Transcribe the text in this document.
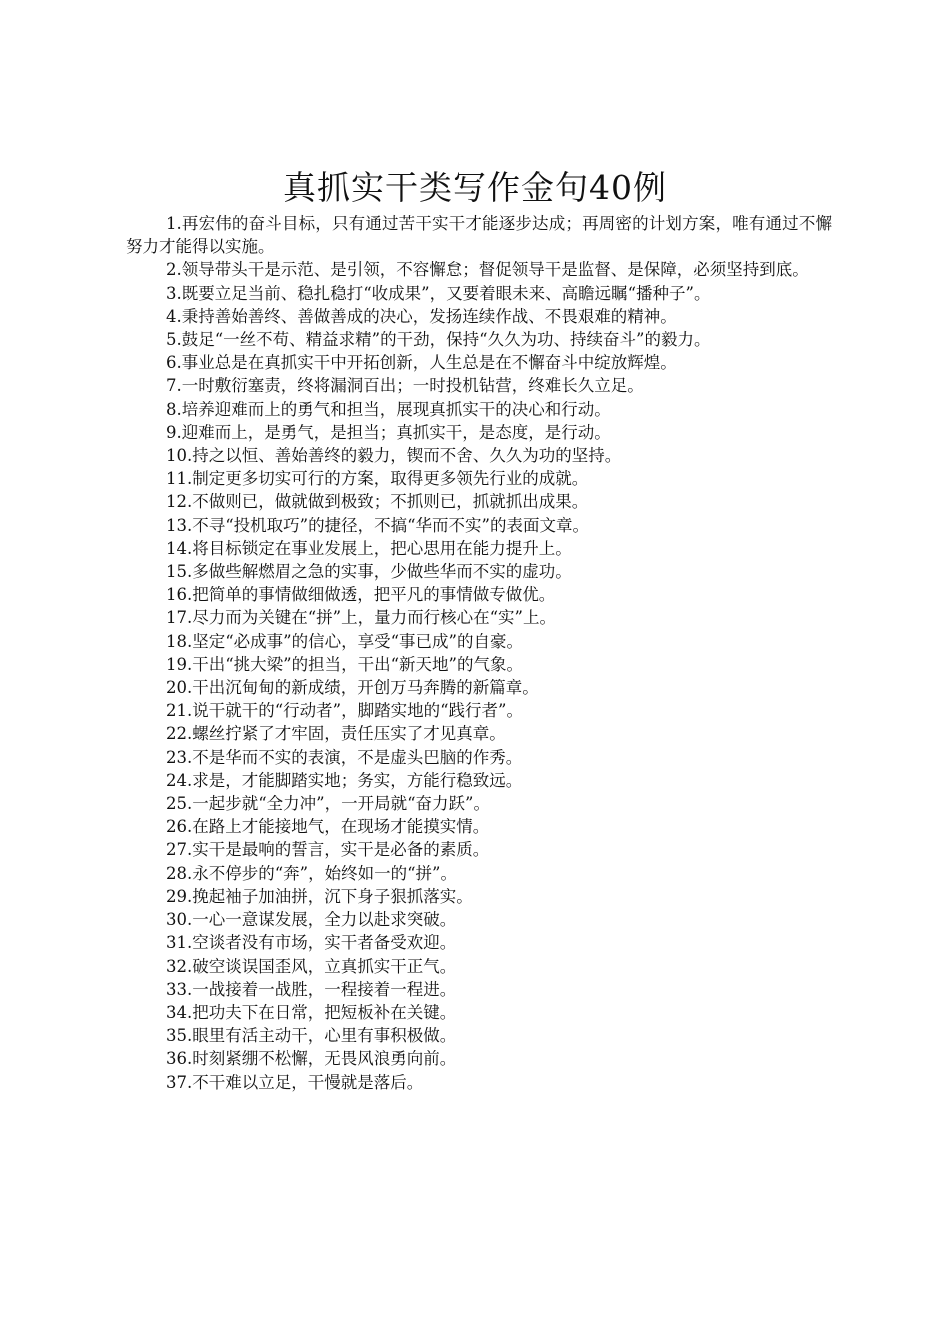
真抓实干类写作金句40例
1.再宏伟的奋斗目标，只有通过苦干实干才能逐步达成；再周密的计划方案，唯有通过不懈努力才能得以实施。
2.领导带头干是示范、是引领，不容懈怠；督促领导干是监督、是保障，必须坚持到底。
3.既要立足当前、稳扎稳打“收成果”，又要着眼未来、高瞻远瞩“播种子”。
4.秉持善始善终、善做善成的决心，发扬连续作战、不畏艰难的精神。
5.鼓足“一丝不苟、精益求精”的干劲，保持“久久为功、持续奋斗”的毅力。
6.事业总是在真抓实干中开拓创新，人生总是在不懈奋斗中绽放辉煌。
7.一时敷衍塞责，终将漏洞百出；一时投机钻营，终难长久立足。
8.培养迎难而上的勇气和担当，展现真抓实干的决心和行动。
9.迎难而上，是勇气，是担当；真抓实干，是态度，是行动。
10.持之以恒、善始善终的毅力，锲而不舍、久久为功的坚持。
11.制定更多切实可行的方案，取得更多领先行业的成就。
12.不做则已，做就做到极致；不抓则已，抓就抓出成果。
13.不寻“投机取巧”的捷径，不搞“华而不实”的表面文章。
14.将目标锁定在事业发展上，把心思用在能力提升上。
15.多做些解燃眉之急的实事，少做些华而不实的虚功。
16.把简单的事情做细做透，把平凡的事情做专做优。
17.尽力而为关键在“拼”上，量力而行核心在“实”上。
18.坚定“必成事”的信心，享受“事已成”的自豪。
19.干出“挑大梁”的担当，干出“新天地”的气象。
20.干出沉甸甸的新成绩，开创万马奔腾的新篇章。
21.说干就干的“行动者”，脚踏实地的“践行者”。
22.螺丝拧紧了才牢固，责任压实了才见真章。
23.不是华而不实的表演，不是虚头巴脑的作秀。
24.求是，才能脚踏实地；务实，方能行稳致远。
25.一起步就“全力冲”，一开局就“奋力跃”。
26.在路上才能接地气，在现场才能摸实情。
27.实干是最响的誓言，实干是必备的素质。
28.永不停步的“奔”，始终如一的“拼”。
29.挽起袖子加油拼，沉下身子狠抓落实。
30.一心一意谋发展，全力以赴求突破。
31.空谈者没有市场，实干者备受欢迎。
32.破空谈误国歪风，立真抓实干正气。
33.一战接着一战胜，一程接着一程进。
34.把功夫下在日常，把短板补在关键。
35.眼里有活主动干，心里有事积极做。
36.时刻紧绷不松懈，无畏风浪勇向前。
37.不干难以立足，干慢就是落后。
